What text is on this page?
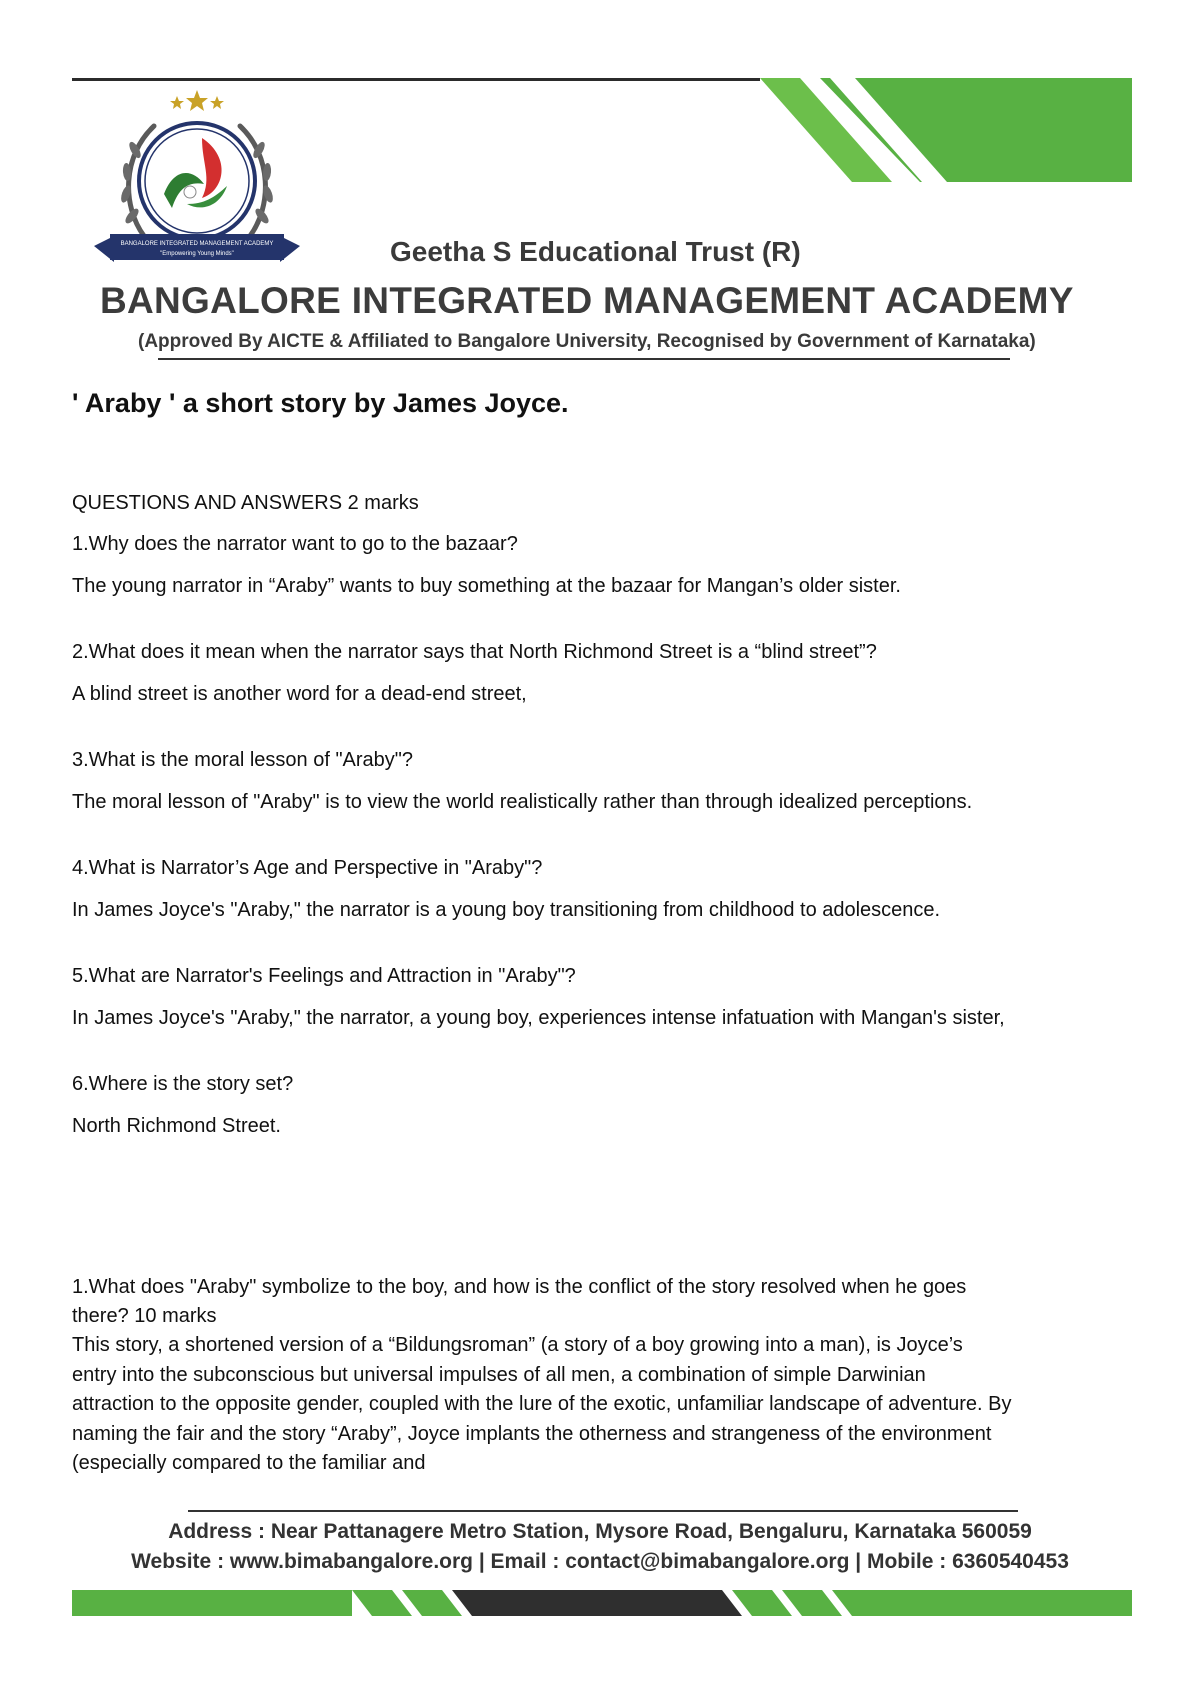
BANGALORE INTEGRATED MANAGEMENT ACADEMY
"Empowering Young Minds"	Geetha S Educational Trust (R)
BANGALORE INTEGRATED MANAGEMENT ACADEMY
(Approved By AICTE & Affiliated to Bangalore University, Recognised by Government of Karnataka)
' Araby ' a short story by James Joyce.
QUESTIONS AND ANSWERS 2 marks
1.Why does the narrator want to go to the bazaar?
The young narrator in “Araby” wants to buy something at the bazaar for Mangan’s older sister.
2.What does it mean when the narrator says that North Richmond Street is a “blind street”?
A blind street is another word for a dead-end street,
3.What is the moral lesson of "Araby"?
The moral lesson of "Araby" is to view the world realistically rather than through idealized perceptions.
4.What is Narrator’s Age and Perspective in "Araby"?
In James Joyce's "Araby," the narrator is a young boy transitioning from childhood to adolescence.
5.What are Narrator's Feelings and Attraction in "Araby"?
In James Joyce's "Araby," the narrator, a young boy, experiences intense infatuation with Mangan's sister,
6.Where is the story set?
North Richmond Street.
1.What does "Araby" symbolize to the boy, and how is the conflict of the story resolved when he goes there? 10 marks
This story, a shortened version of a “Bildungsroman” (a story of a boy growing into a man), is Joyce’s entry into the subconscious but universal impulses of all men, a combination of simple Darwinian attraction to the opposite gender, coupled with the lure of the exotic, unfamiliar landscape of adventure. By naming the fair and the story “Araby”, Joyce implants the otherness and strangeness of the environment (especially compared to the familiar and
Address : Near Pattanagere Metro Station, Mysore Road, Bengaluru, Karnataka 560059
Website : www.bimabangalore.org | Email : contact@bimabangalore.org | Mobile : 6360540453
